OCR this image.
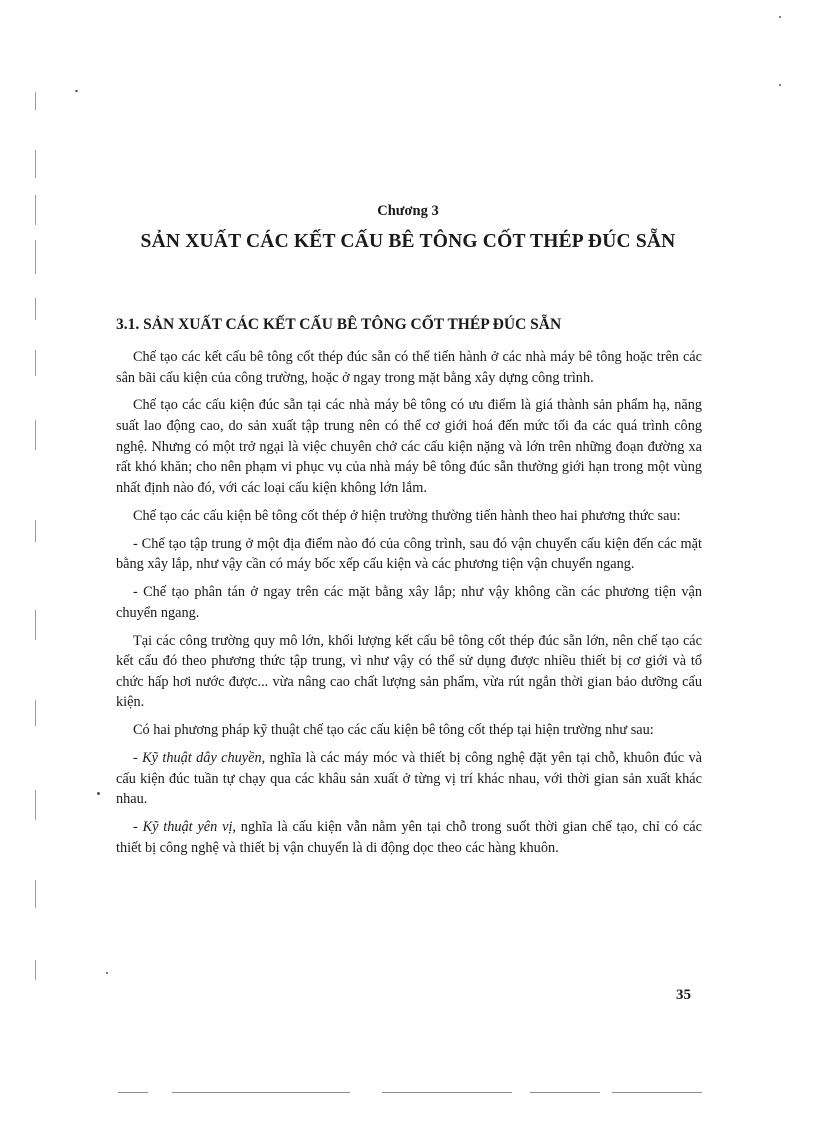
Chương 3
SẢN XUẤT CÁC KẾT CẤU BÊ TÔNG CỐT THÉP ĐÚC SẴN
3.1. SẢN XUẤT CÁC KẾT CẤU BÊ TÔNG CỐT THÉP ĐÚC SẴN

Chế tạo các kết cấu bê tông cốt thép đúc sẵn có thể tiến hành ở các nhà máy bê tông hoặc trên các sân bãi cấu kiện của công trường, hoặc ở ngay trong mặt bằng xây dựng công trình.

Chế tạo các cấu kiện đúc sẵn tại các nhà máy bê tông có ưu điểm là giá thành sản phẩm hạ, năng suất lao động cao, do sản xuất tập trung nên có thể cơ giới hoá đến mức tối đa các quá trình công nghệ. Nhưng có một trở ngại là việc chuyên chở các cấu kiện nặng và lớn trên những đoạn đường xa rất khó khăn; cho nên phạm vi phục vụ của nhà máy bê tông đúc sẵn thường giới hạn trong một vùng nhất định nào đó, với các loại cấu kiện không lớn lắm.

Chế tạo các cấu kiện bê tông cốt thép ở hiện trường thường tiến hành theo hai phương thức sau:

- Chế tạo tập trung ở một địa điểm nào đó của công trình, sau đó vận chuyển cấu kiện đến các mặt bằng xây lắp, như vậy cần có máy bốc xếp cấu kiện và các phương tiện vận chuyển ngang.

- Chế tạo phân tán ở ngay trên các mặt bằng xây lắp; như vậy không cần các phương tiện vận chuyển ngang.

Tại các công trường quy mô lớn, khối lượng kết cấu bê tông cốt thép đúc sẵn lớn, nên chế tạo các kết cấu đó theo phương thức tập trung, vì như vậy có thể sử dụng được nhiều thiết bị cơ giới và tổ chức hấp hơi nước được... vừa nâng cao chất lượng sản phẩm, vừa rút ngắn thời gian bảo dưỡng cấu kiện.

Có hai phương pháp kỹ thuật chế tạo các cấu kiện bê tông cốt thép tại hiện trường như sau:

- Kỹ thuật dây chuyền, nghĩa là các máy móc và thiết bị công nghệ đặt yên tại chỗ, khuôn đúc và cấu kiện đúc tuần tự chạy qua các khâu sản xuất ở từng vị trí khác nhau, với thời gian sản xuất khác nhau.

- Kỹ thuật yên vị, nghĩa là cấu kiện vẫn nằm yên tại chỗ trong suốt thời gian chế tạo, chỉ có các thiết bị công nghệ và thiết bị vận chuyển là di động dọc theo các hàng khuôn.

35
